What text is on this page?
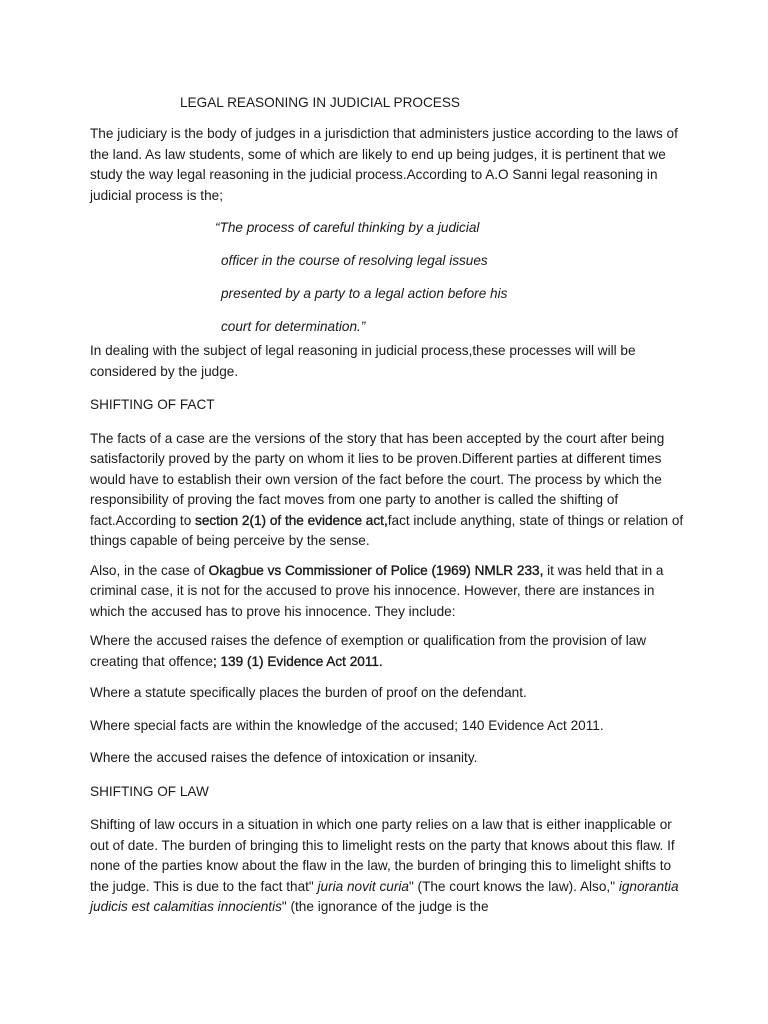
LEGAL REASONING IN JUDICIAL PROCESS

The judiciary is the body of judges in a jurisdiction that administers justice according to the laws of the land. As law students, some of which are likely to end up being judges, it is pertinent that we study the way legal reasoning in the judicial process.According to A.O Sanni legal reasoning in judicial process is the;

“The process of careful thinking by a judicial
officer in the course of resolving legal issues
presented by a party to a legal action before his
court for determination.”

In dealing with the subject of legal reasoning in judicial process,these processes will will be considered by the judge.

SHIFTING OF FACT

The facts of a case are the versions of the story that has been accepted by the court after being satisfactorily proved by the party on whom it lies to be proven.Different parties at different times would have to establish their own version of the fact before the court. The process by which the responsibility of proving the fact moves from one party to another is called the shifting of fact.According to section 2(1) of the evidence act,fact include anything, state of things or relation of things capable of being perceive by the sense.

Also, in the case of Okagbue vs Commissioner of Police (1969) NMLR 233, it was held that in a criminal case, it is not for the accused to prove his innocence. However, there are instances in which the accused has to prove his innocence. They include:

Where the accused raises the defence of exemption or qualification from the provision of law creating that offence; 139 (1) Evidence Act 2011.

Where a statute specifically places the burden of proof on the defendant.

Where special facts are within the knowledge of the accused; 140 Evidence Act 2011.

Where the accused raises the defence of intoxication or insanity.

SHIFTING OF LAW

Shifting of law occurs in a situation in which one party relies on a law that is either inapplicable or out of date. The burden of bringing this to limelight rests on the party that knows about this flaw. If none of the parties know about the flaw in the law, the burden of bringing this to limelight shifts to the judge. This is due to the fact that" juria novit curia" (The court knows the law). Also," ignorantia judicis est calamitias innocientis" (the ignorance of the judge is the
